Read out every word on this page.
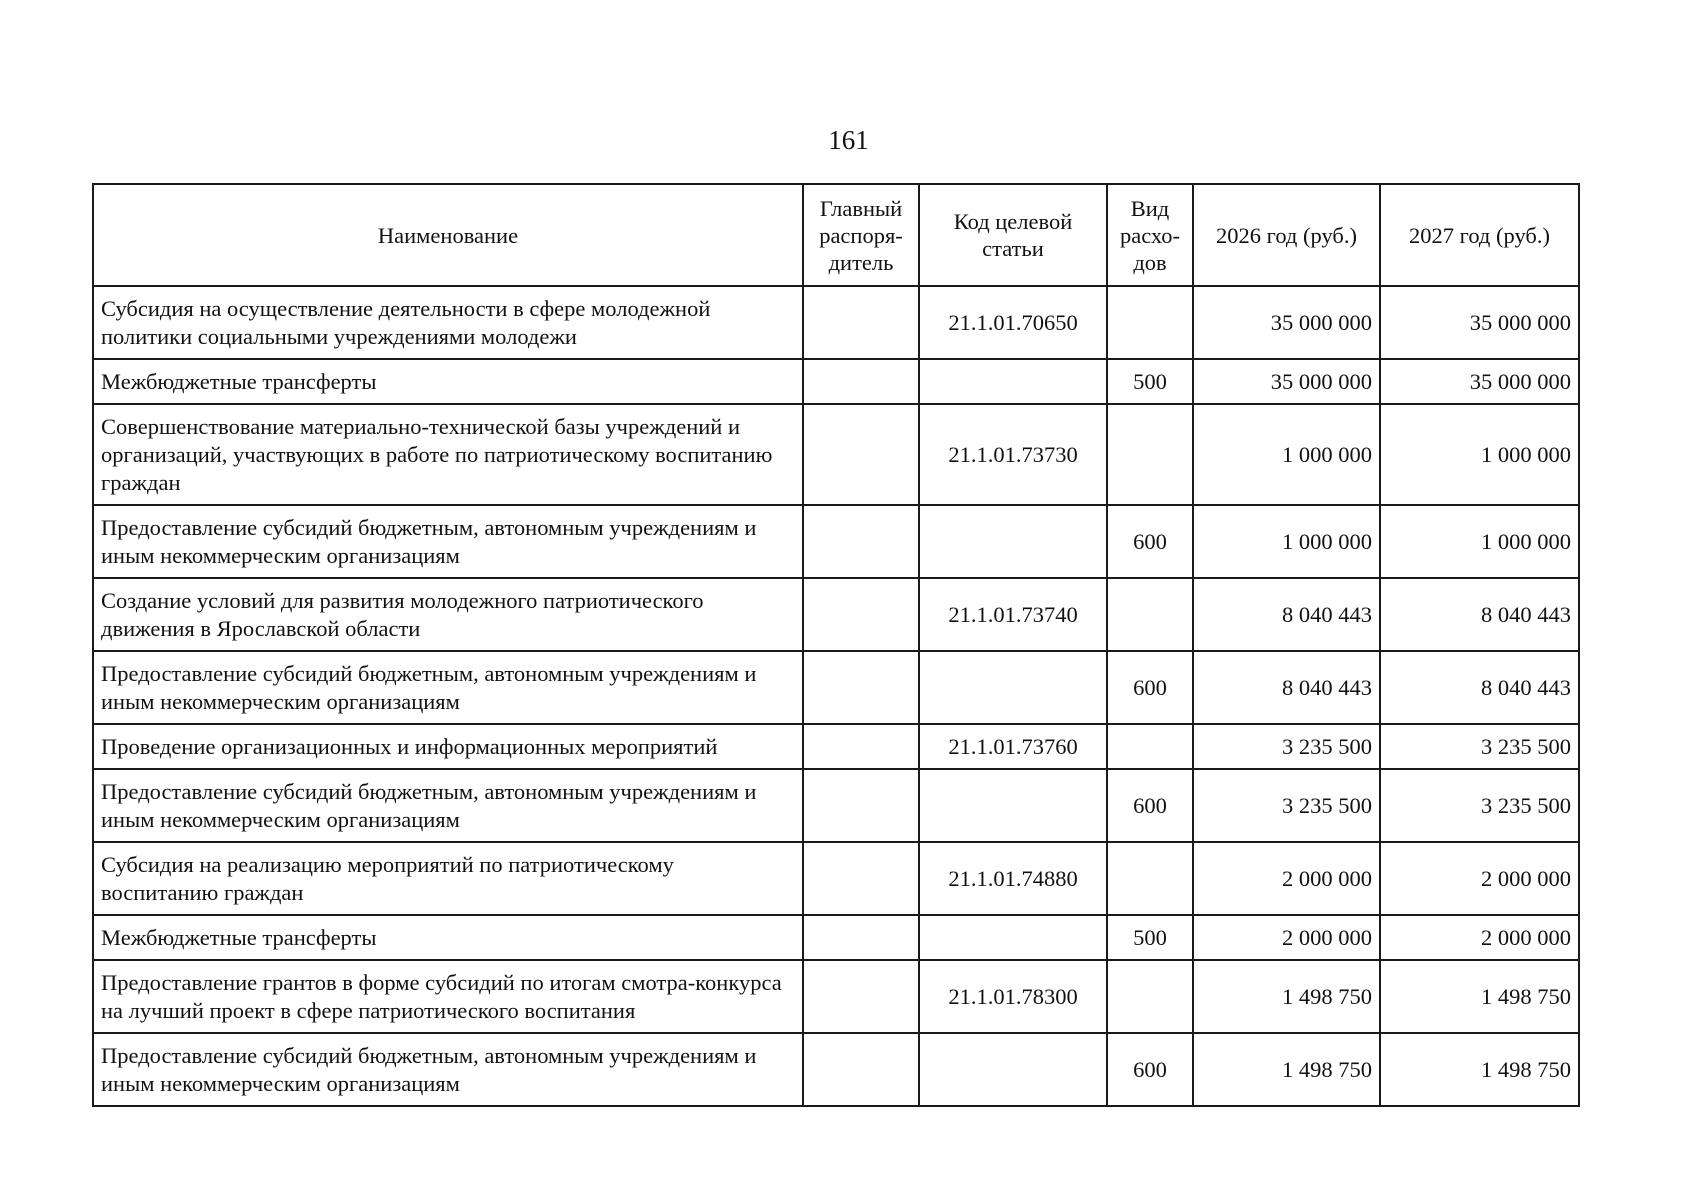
161
Наименование	Главный распоря-дитель	Код целевой статьи	Вид расхо-дов	2026 год (руб.)	2027 год (руб.)
Субсидия на осуществление деятельности в сфере молодежной политики социальными учреждениями молодежи		21.1.01.70650		35 000 000	35 000 000
Межбюджетные трансферты			500	35 000 000	35 000 000
Совершенствование материально-технической базы учреждений и организаций, участвующих в работе по патриотическому воспитанию граждан		21.1.01.73730		1 000 000	1 000 000
Предоставление субсидий бюджетным, автономным учреждениям и иным некоммерческим организациям			600	1 000 000	1 000 000
Создание условий для развития молодежного патриотического движения в Ярославской области		21.1.01.73740		8 040 443	8 040 443
Предоставление субсидий бюджетным, автономным учреждениям и иным некоммерческим организациям			600	8 040 443	8 040 443
Проведение организационных и информационных мероприятий		21.1.01.73760		3 235 500	3 235 500
Предоставление субсидий бюджетным, автономным учреждениям и иным некоммерческим организациям			600	3 235 500	3 235 500
Субсидия на реализацию мероприятий по патриотическому воспитанию граждан		21.1.01.74880		2 000 000	2 000 000
Межбюджетные трансферты			500	2 000 000	2 000 000
Предоставление грантов в форме субсидий по итогам смотра-конкурса на лучший проект в сфере патриотического воспитания		21.1.01.78300		1 498 750	1 498 750
Предоставление субсидий бюджетным, автономным учреждениям и иным некоммерческим организациям			600	1 498 750	1 498 750
